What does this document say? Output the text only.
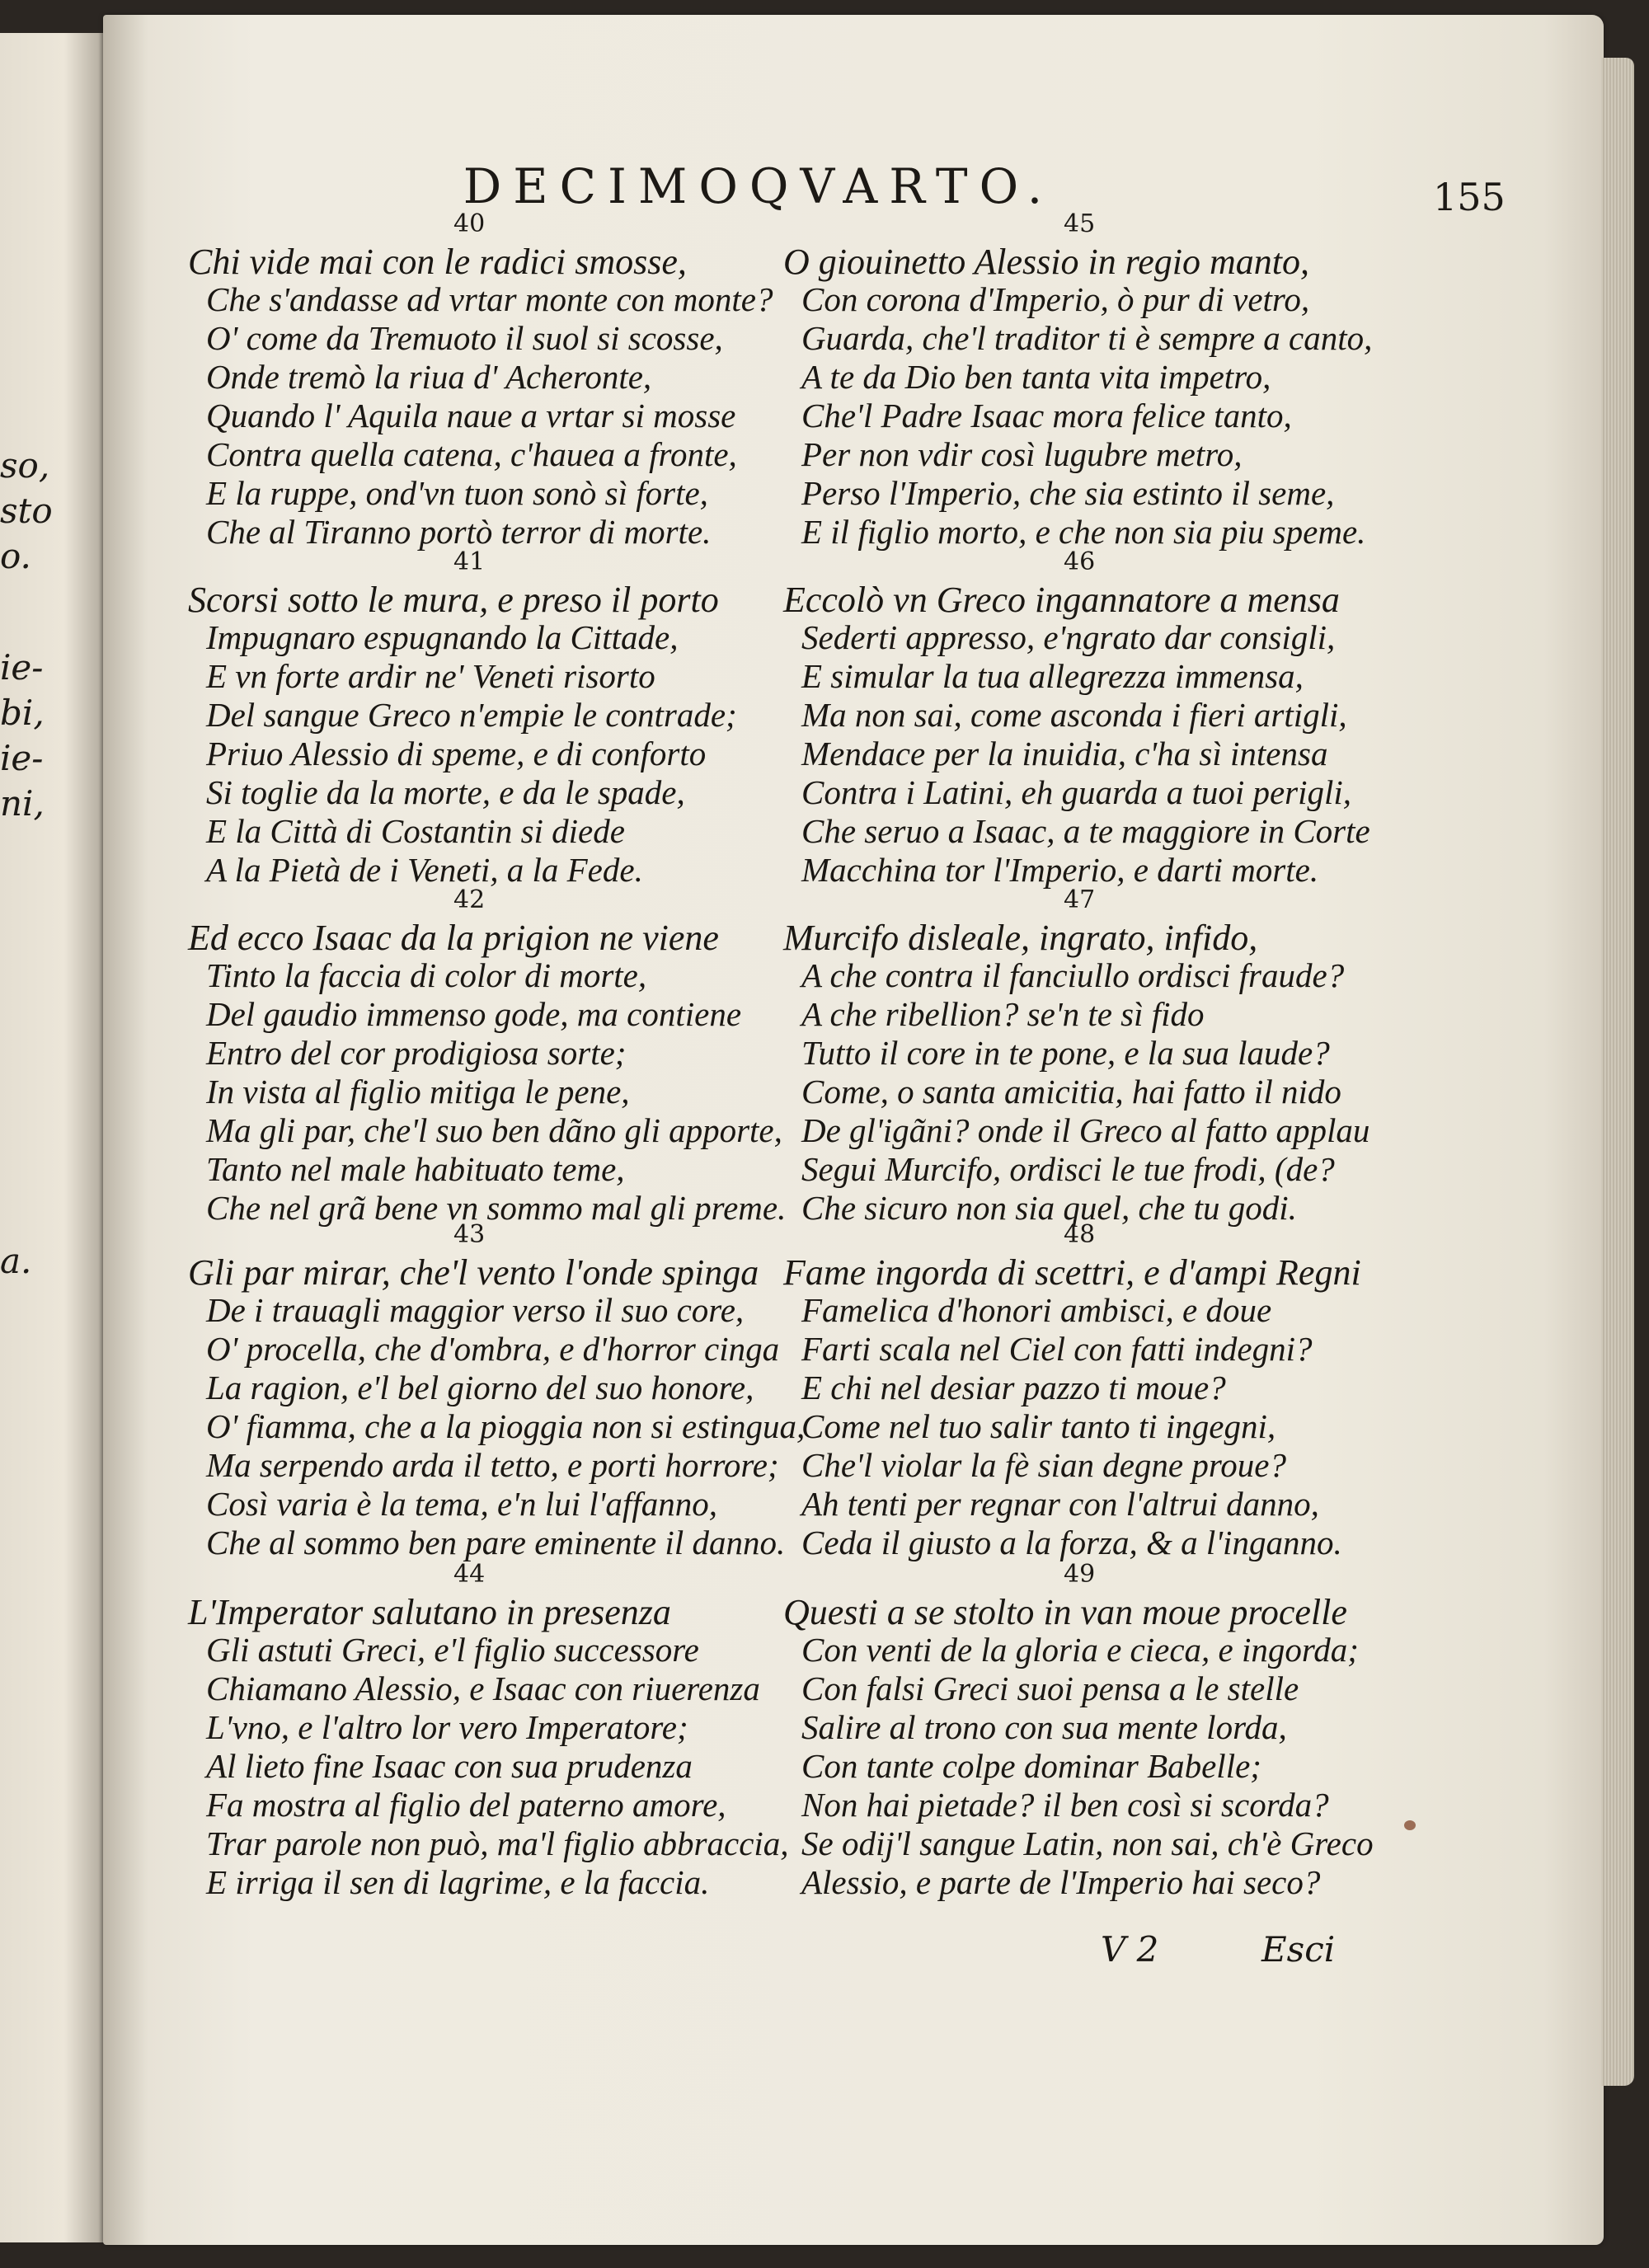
so,
sto
o.
ie-
bi,
ie-
ni,
a.
DECIMOQVARTO.	155
40
Chi vide mai con le radici smosse,
Che s'andasse ad vrtar monte con monte?
O' come da Tremuoto il suol si scosse,
Onde tremò la riua d' Acheronte,
Quando l' Aquila naue a vrtar si mosse
Contra quella catena, c'hauea a fronte,
E la ruppe, ond'vn tuon sonò sì forte,
Che al Tiranno portò terror di morte.
41
Scorsi sotto le mura, e preso il porto
Impugnaro espugnando la Cittade,
E vn forte ardir ne' Veneti risorto
Del sangue Greco n'empie le contrade;
Priuo Alessio di speme, e di conforto
Si toglie da la morte, e da le spade,
E la Città di Costantin si diede
A la Pietà de i Veneti, a la Fede.
42
Ed ecco Isaac da la prigion ne viene
Tinto la faccia di color di morte,
Del gaudio immenso gode, ma contiene
Entro del cor prodigiosa sorte;
In vista al figlio mitiga le pene,
Ma gli par, che'l suo ben dãno gli apporte,
Tanto nel male habituato teme,
Che nel grã bene vn sommo mal gli preme.
43
Gli par mirar, che'l vento l'onde spinga
De i trauagli maggior verso il suo core,
O' procella, che d'ombra, e d'horror cinga
La ragion, e'l bel giorno del suo honore,
O' fiamma, che a la pioggia non si estingua,
Ma serpendo arda il tetto, e porti horrore;
Così varia è la tema, e'n lui l'affanno,
Che al sommo ben pare eminente il danno.
44
L'Imperator salutano in presenza
Gli astuti Greci, e'l figlio successore
Chiamano Alessio, e Isaac con riuerenza
L'vno, e l'altro lor vero Imperatore;
Al lieto fine Isaac con sua prudenza
Fa mostra al figlio del paterno amore,
Trar parole non può, ma'l figlio abbraccia,
E irriga il sen di lagrime, e la faccia.
45
O giouinetto Alessio in regio manto,
Con corona d'Imperio, ò pur di vetro,
Guarda, che'l traditor ti è sempre a canto,
A te da Dio ben tanta vita impetro,
Che'l Padre Isaac mora felice tanto,
Per non vdir così lugubre metro,
Perso l'Imperio, che sia estinto il seme,
E il figlio morto, e che non sia piu speme.
46
Eccolò vn Greco ingannatore a mensa
Sederti appresso, e'ngrato dar consigli,
E simular la tua allegrezza immensa,
Ma non sai, come asconda i fieri artigli,
Mendace per la inuidia, c'ha sì intensa
Contra i Latini, eh guarda a tuoi perigli,
Che seruo a Isaac, a te maggiore in Corte
Macchina tor l'Imperio, e darti morte.
47
Murcifo disleale, ingrato, infido,
A che contra il fanciullo ordisci fraude?
A che ribellion? se'n te sì fido
Tutto il core in te pone, e la sua laude?
Come, o santa amicitia, hai fatto il nido
De gl'igãni? onde il Greco al fatto applau
Segui Murcifo, ordisci le tue frodi, (de?
Che sicuro non sia quel, che tu godi.
48
Fame ingorda di scettri, e d'ampi Regni
Famelica d'honori ambisci, e doue
Farti scala nel Ciel con fatti indegni?
E chi nel desiar pazzo ti moue?
Come nel tuo salir tanto ti ingegni,
Che'l violar la fè sian degne proue?
Ah tenti per regnar con l'altrui danno,
Ceda il giusto a la forza, & a l'inganno.
49
Questi a se stolto in van moue procelle
Con venti de la gloria e cieca, e ingorda;
Con falsi Greci suoi pensa a le stelle
Salire al trono con sua mente lorda,
Con tante colpe dominar Babelle;
Non hai pietade? il ben così si scorda?
Se odij'l sangue Latin, non sai, ch'è Greco
Alessio, e parte de l'Imperio hai seco?
V 2	Esci
